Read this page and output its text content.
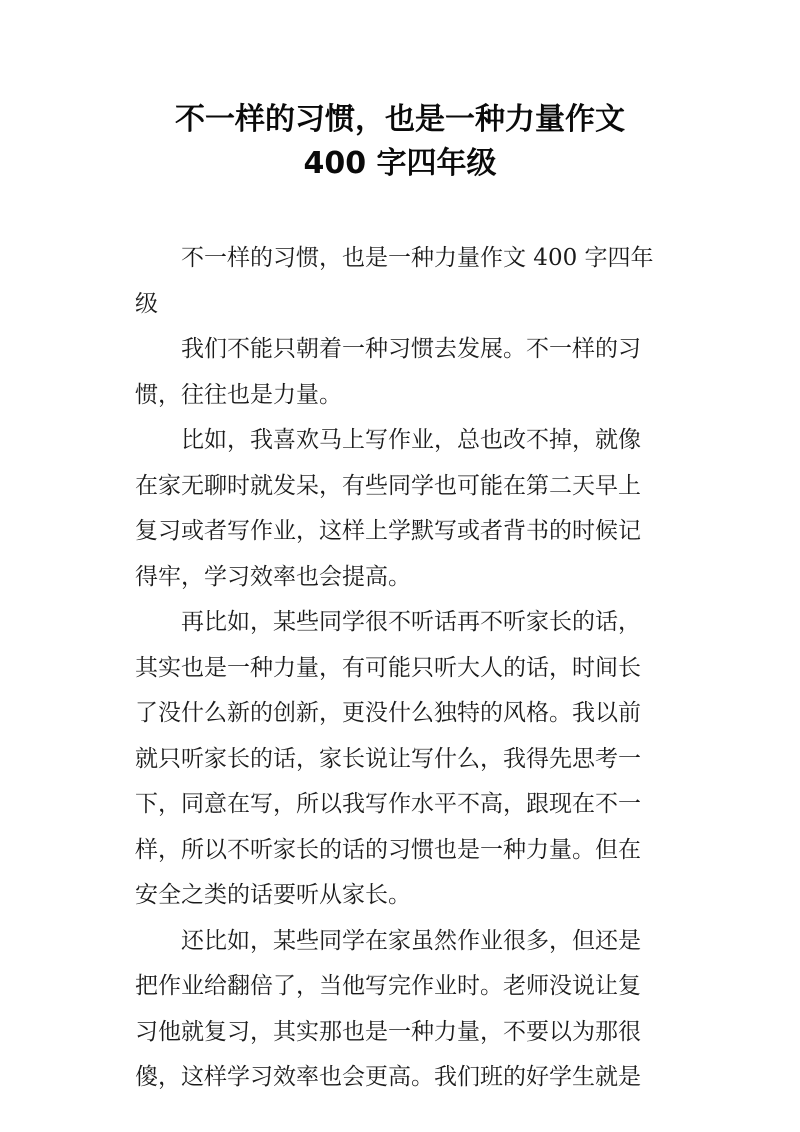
不一样的习惯，也是一种力量作文
400 字四年级
不一样的习惯，也是一种力量作文 400 字四年
级
我们不能只朝着一种习惯去发展。不一样的习
惯，往往也是力量。
比如，我喜欢马上写作业，总也改不掉，就像
在家无聊时就发呆，有些同学也可能在第二天早上
复习或者写作业，这样上学默写或者背书的时候记
得牢，学习效率也会提高。
再比如，某些同学很不听话再不听家长的话，
其实也是一种力量，有可能只听大人的话，时间长
了没什么新的创新，更没什么独特的风格。我以前
就只听家长的话，家长说让写什么，我得先思考一
下，同意在写，所以我写作水平不高，跟现在不一
样，所以不听家长的话的习惯也是一种力量。但在
安全之类的话要听从家长。
还比如，某些同学在家虽然作业很多，但还是
把作业给翻倍了，当他写完作业时。老师没说让复
习他就复习，其实那也是一种力量，不要以为那很
傻，这样学习效率也会更高。我们班的好学生就是
